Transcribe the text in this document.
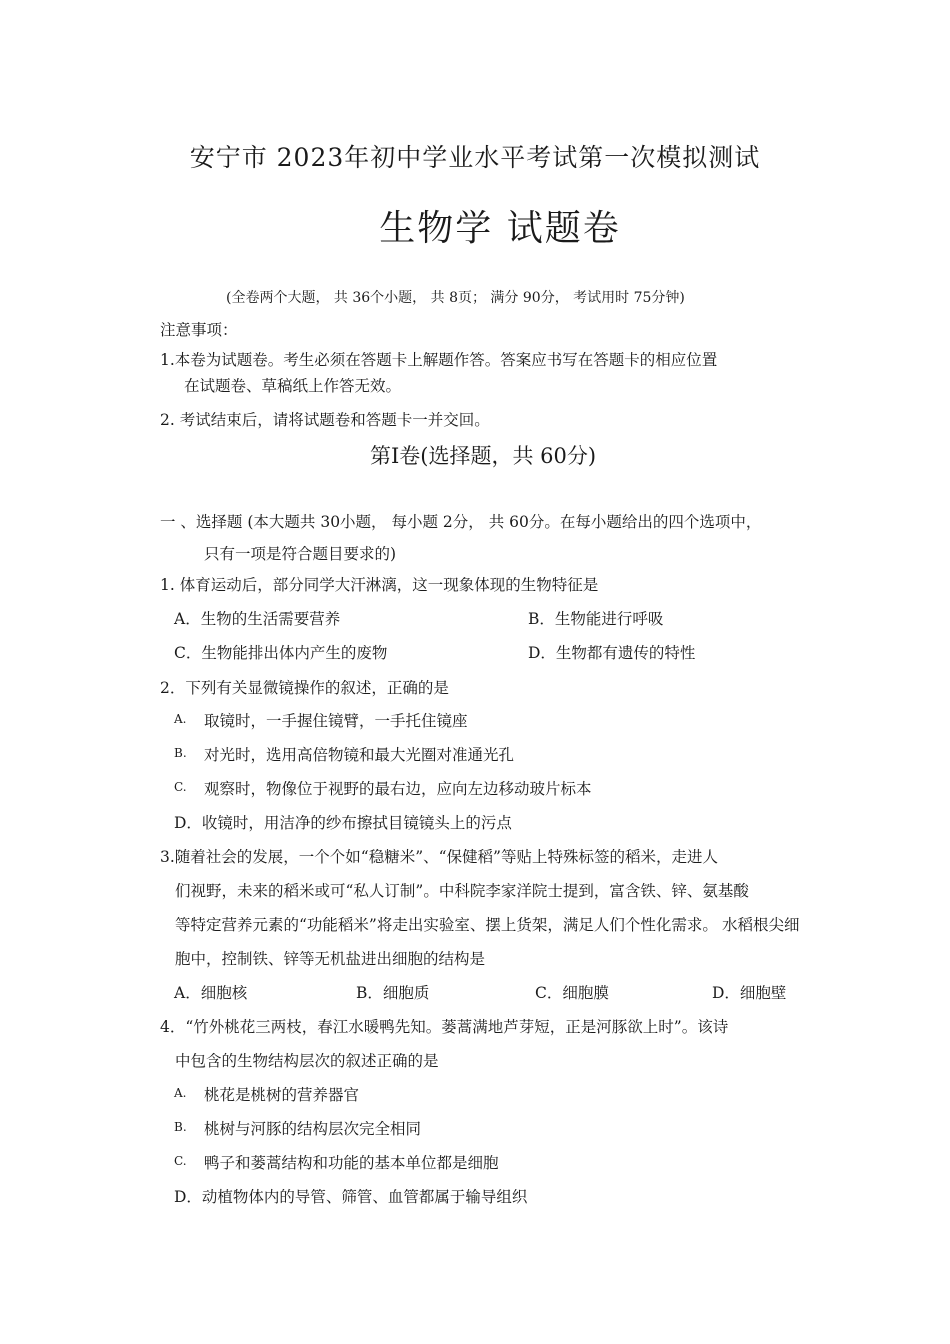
安宁市 2023年初中学业水平考试第一次模拟测试
生物学 试题卷
(全卷两个大题， 共 36个小题， 共 8页； 满分 90分， 考试用时 75分钟)
注意事项：
1.本卷为试题卷。考生必须在答题卡上解题作答。答案应书写在答题卡的相应位置
在试题卷、草稿纸上作答无效。
2. 考试结束后，请将试题卷和答题卡一并交回。
第I卷(选择题，共 60分)
一 、选择题 (本大题共 30小题， 每小题 2分， 共 60分。在每小题给出的四个选项中，
只有一项是符合题目要求的)
1. 体育运动后，部分同学大汗淋漓，这一现象体现的生物特征是
A．生物的生活需要营养	B．生物能进行呼吸
C．生物能排出体内产生的废物	D．生物都有遗传的特性
2．下列有关显微镜操作的叙述，正确的是
A. 取镜时，一手握住镜臂，一手托住镜座
B. 对光时，选用高倍物镜和最大光圈对准通光孔
C. 观察时，物像位于视野的最右边，应向左边移动玻片标本
D．收镜时，用洁净的纱布擦拭目镜镜头上的污点
3.随着社会的发展，一个个如“稳糖米”、“保健稻”等贴上特殊标签的稻米，走进人
们视野，未来的稻米或可“私人订制”。中科院李家洋院士提到，富含铁、锌、氨基酸
等特定营养元素的“功能稻米”将走出实验室、摆上货架，满足人们个性化需求。 水稻根尖细
胞中，控制铁、锌等无机盐进出细胞的结构是
A．细胞核	B．细胞质	C．细胞膜	D．细胞壁
4．“竹外桃花三两枝，春江水暖鸭先知。蒌蒿满地芦芽短，正是河豚欲上时”。该诗
中包含的生物结构层次的叙述正确的是
A. 桃花是桃树的营养器官
B. 桃树与河豚的结构层次完全相同
C. 鸭子和蒌蒿结构和功能的基本单位都是细胞
D．动植物体内的导管、筛管、血管都属于输导组织
